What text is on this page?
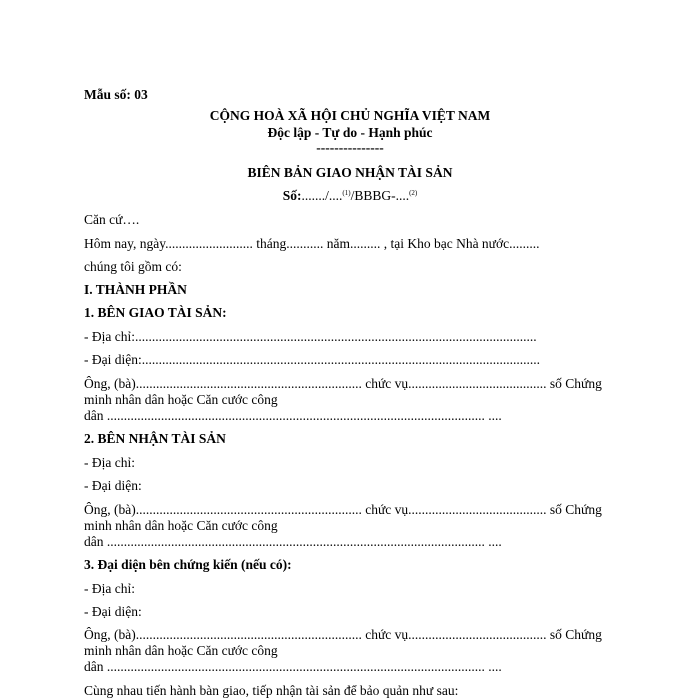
Mẫu số: 03
CỘNG HOÀ XÃ HỘI CHỦ NGHĨA VIỆT NAM
Độc lập - Tự do - Hạnh phúc
---------------
BIÊN BẢN GIAO NHẬN TÀI SẢN
Số:......./....$^{(1)}$/BBBG-....$^{(2)}$
Căn cứ….
Hôm nay, ngày.......................... tháng........... năm......... , tại Kho bạc Nhà nước.........
chúng tôi gồm có:
I. THÀNH PHẦN
1. BÊN GIAO TÀI SẢN:
- Địa chỉ:.......................................................................................................................
- Đại diện:......................................................................................................................
Ông, (bà)................................................................... chức vụ......................................... số Chứng
minh nhân dân hoặc Căn cước công
dân ................................................................................................................ ....
2. BÊN NHẬN TÀI SẢN
- Địa chỉ:
- Đại diện:
Ông, (bà)................................................................... chức vụ......................................... số Chứng
minh nhân dân hoặc Căn cước công
dân ................................................................................................................ ....
3. Đại diện bên chứng kiến (nếu có):
- Địa chỉ:
- Đại diện:
Ông, (bà)................................................................... chức vụ......................................... số Chứng
minh nhân dân hoặc Căn cước công
dân ................................................................................................................ ....
Cùng nhau tiến hành bàn giao, tiếp nhận tài sản để bảo quản như sau:
